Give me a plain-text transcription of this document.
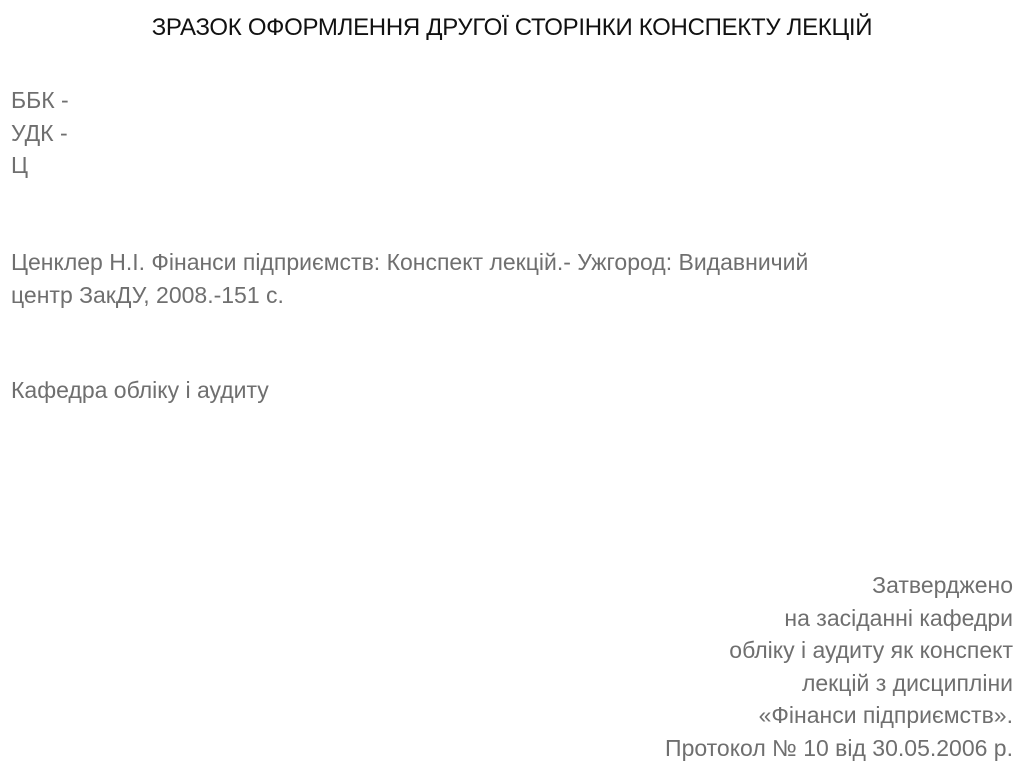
ЗРАЗОК ОФОРМЛЕННЯ ДРУГОЇ СТОРІНКИ КОНСПЕКТУ ЛЕКЦІЙ
ББК -
УДК -
Ц
Ценклер Н.І. Фінанси підприємств: Конспект лекцій.- Ужгород: Видавничий
центр ЗакДУ, 2008.-151 с.
Кафедра обліку і аудиту
Затверджено
на засіданні кафедри
обліку і аудиту як конспект
лекцій з дисципліни
«Фінанси підприємств».
Протокол № 10 від 30.05.2006 р.
